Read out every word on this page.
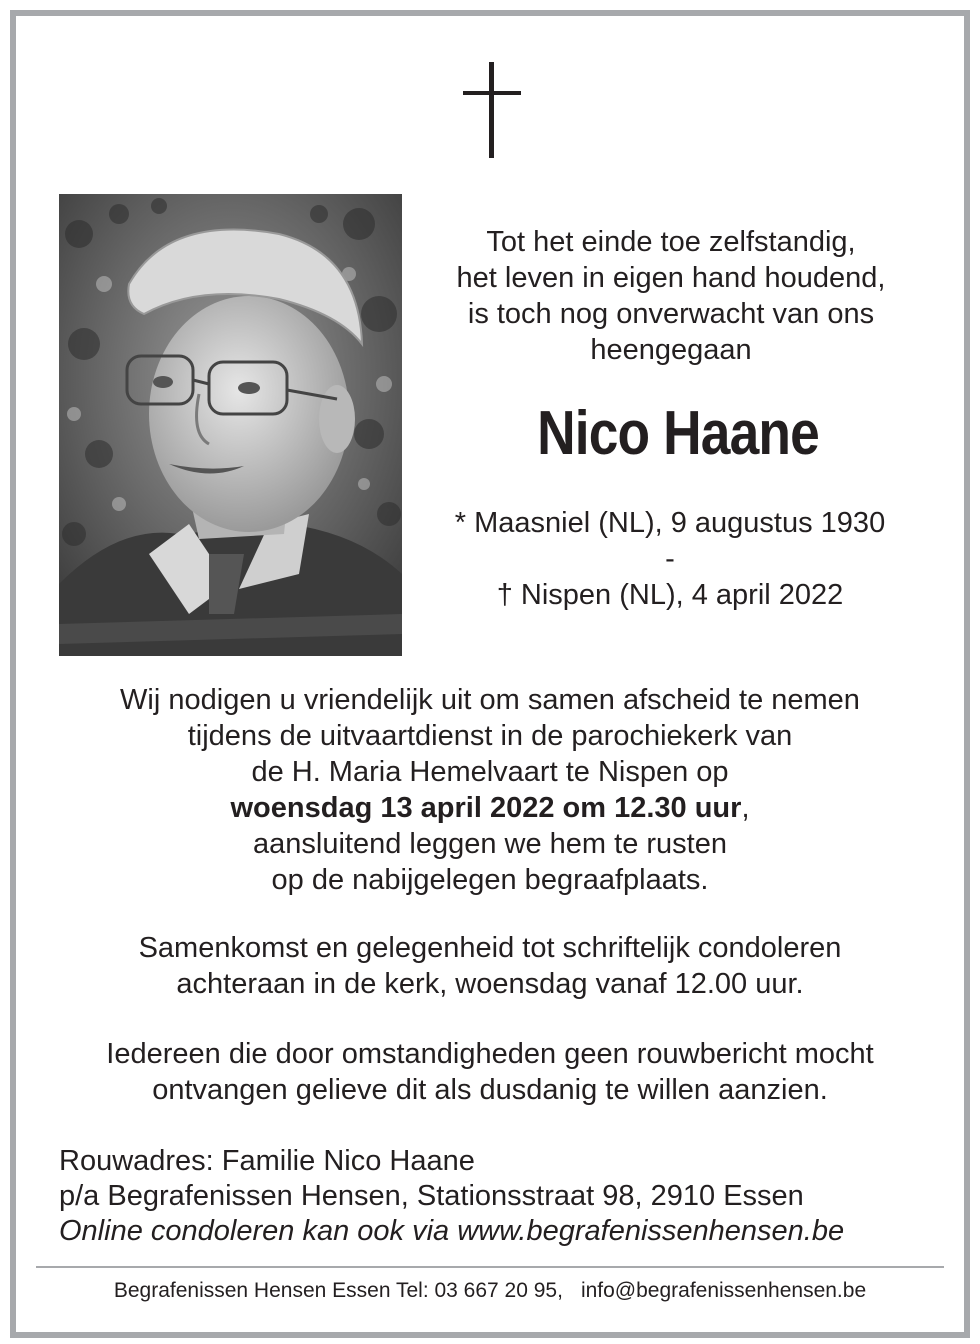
Tot het einde toe zelfstandig,
het leven in eigen hand houdend,
is toch nog onverwacht van ons
heengegaan
Nico Haane
* Maasniel (NL), 9 augustus 1930
-
† Nispen (NL), 4 april 2022
Wij nodigen u vriendelijk uit om samen afscheid te nemen
tijdens de uitvaartdienst in de parochiekerk van
de H. Maria Hemelvaart te Nispen op
woensdag 13 april 2022 om 12.30 uur,
aansluitend leggen we hem te rusten
op de nabijgelegen begraafplaats.
Samenkomst en gelegenheid tot schriftelijk condoleren
achteraan in de kerk, woensdag vanaf 12.00 uur.
Iedereen die door omstandigheden geen rouwbericht mocht
ontvangen gelieve dit als dusdanig te willen aanzien.
Rouwadres: Familie Nico Haane
p/a Begrafenissen Hensen, Stationsstraat 98, 2910 Essen
Online condoleren kan ook via www.begrafenissenhensen.be
Begrafenissen Hensen Essen Tel: 03 667 20 95, info@begrafenissenhensen.be
